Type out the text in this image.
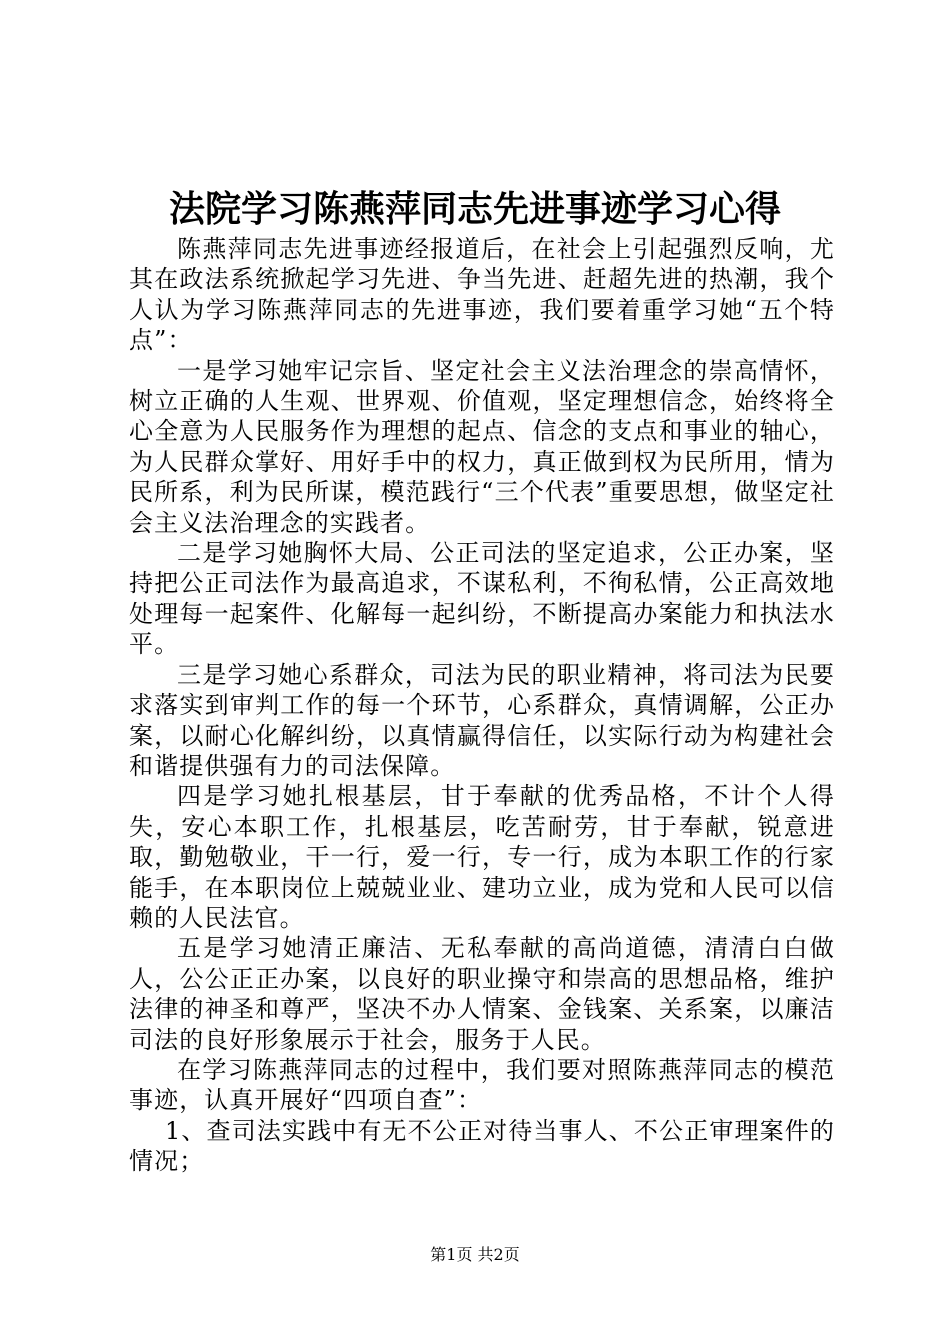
法院学习陈燕萍同志先进事迹学习心得

陈燕萍同志先进事迹经报道后，在社会上引起强烈反响，尤其在政法系统掀起学习先进、争当先进、赶超先进的热潮，我个人认为学习陈燕萍同志的先进事迹，我们要着重学习她“五个特点”：

一是学习她牢记宗旨、坚定社会主义法治理念的崇高情怀，树立正确的人生观、世界观、价值观，坚定理想信念，始终将全心全意为人民服务作为理想的起点、信念的支点和事业的轴心，为人民群众掌好、用好手中的权力，真正做到权为民所用，情为民所系，利为民所谋，模范践行“三个代表”重要思想，做坚定社会主义法治理念的实践者。

二是学习她胸怀大局、公正司法的坚定追求，公正办案，坚持把公正司法作为最高追求，不谋私利，不徇私情，公正高效地处理每一起案件、化解每一起纠纷，不断提高办案能力和执法水平。

三是学习她心系群众，司法为民的职业精神，将司法为民要求落实到审判工作的每一个环节，心系群众，真情调解，公正办案，以耐心化解纠纷，以真情赢得信任，以实际行动为构建社会和谐提供强有力的司法保障。

四是学习她扎根基层，甘于奉献的优秀品格，不计个人得失，安心本职工作，扎根基层，吃苦耐劳，甘于奉献，锐意进取，勤勉敬业，干一行，爱一行，专一行，成为本职工作的行家能手，在本职岗位上兢兢业业、建功立业，成为党和人民可以信赖的人民法官。

五是学习她清正廉洁、无私奉献的高尚道德，清清白白做人，公公正正办案，以良好的职业操守和崇高的思想品格，维护法律的神圣和尊严，坚决不办人情案、金钱案、关系案，以廉洁司法的良好形象展示于社会，服务于人民。

在学习陈燕萍同志的过程中，我们要对照陈燕萍同志的模范事迹，认真开展好“四项自查”：

1、查司法实践中有无不公正对待当事人、不公正审理案件的情况；

第1页 共2页
